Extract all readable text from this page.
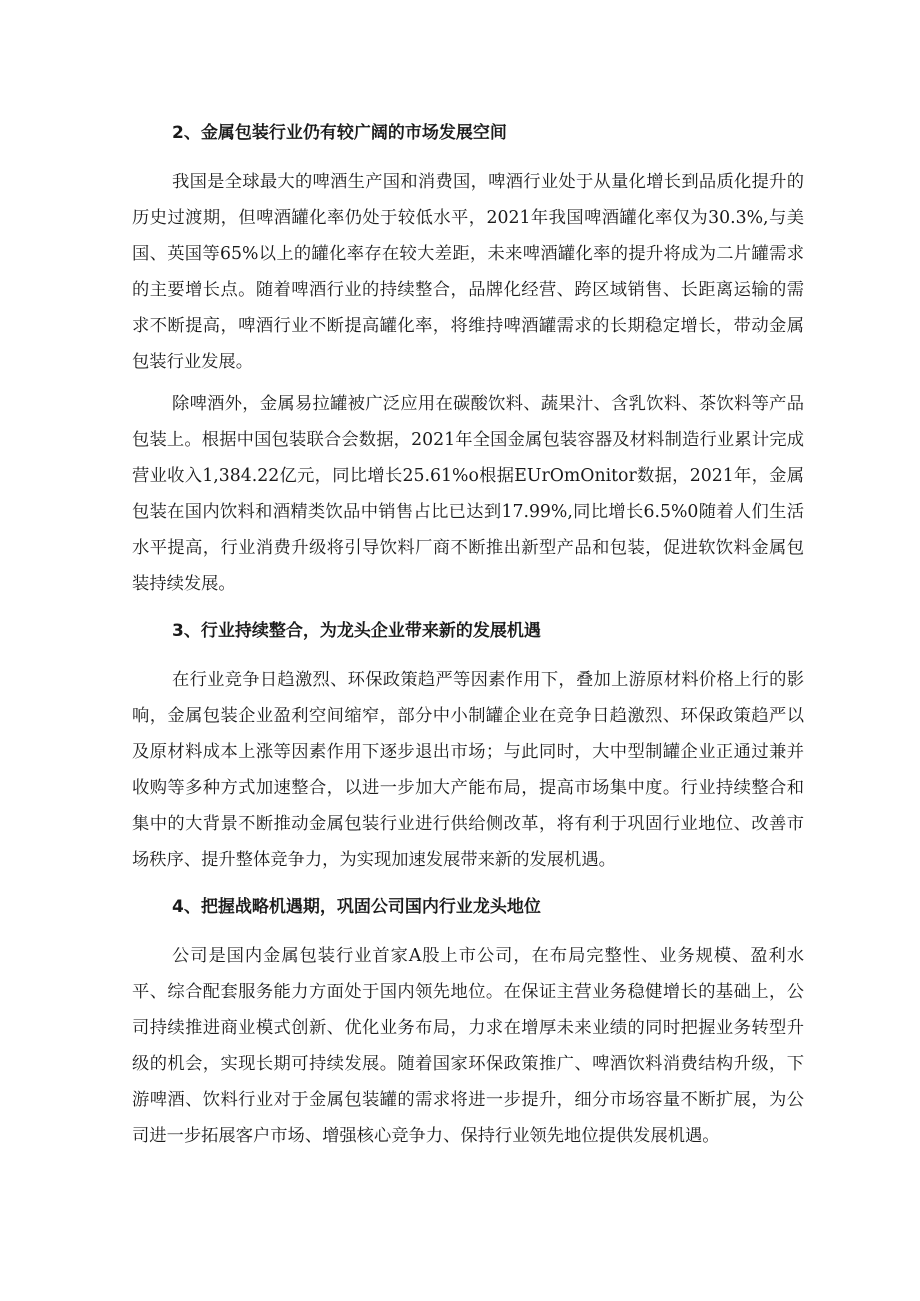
2、金属包装行业仍有较广阔的市场发展空间

我国是全球最大的啤酒生产国和消费国，啤酒行业处于从量化增长到品质化提升的历史过渡期，但啤酒罐化率仍处于较低水平，2021年我国啤酒罐化率仅为30.3%,与美国、英国等65%以上的罐化率存在较大差距，未来啤酒罐化率的提升将成为二片罐需求的主要增长点。随着啤酒行业的持续整合，品牌化经营、跨区域销售、长距离运输的需求不断提高，啤酒行业不断提高罐化率，将维持啤酒罐需求的长期稳定增长，带动金属包装行业发展。

除啤酒外，金属易拉罐被广泛应用在碳酸饮料、蔬果汁、含乳饮料、茶饮料等产品包装上。根据中国包装联合会数据，2021年全国金属包装容器及材料制造行业累计完成营业收入1,384.22亿元，同比增长25.61%o根据EUrOmOnitor数据，2021年，金属包装在国内饮料和酒精类饮品中销售占比已达到17.99%,同比增长6.5%0随着人们生活水平提高，行业消费升级将引导饮料厂商不断推出新型产品和包装，促进软饮料金属包装持续发展。

3、行业持续整合，为龙头企业带来新的发展机遇

在行业竞争日趋激烈、环保政策趋严等因素作用下，叠加上游原材料价格上行的影响，金属包装企业盈利空间缩窄，部分中小制罐企业在竞争日趋激烈、环保政策趋严以及原材料成本上涨等因素作用下逐步退出市场；与此同时，大中型制罐企业正通过兼并收购等多种方式加速整合，以进一步加大产能布局，提高市场集中度。行业持续整合和集中的大背景不断推动金属包装行业进行供给侧改革，将有利于巩固行业地位、改善市场秩序、提升整体竞争力，为实现加速发展带来新的发展机遇。

4、把握战略机遇期，巩固公司国内行业龙头地位

公司是国内金属包装行业首家A股上市公司，在布局完整性、业务规模、盈利水平、综合配套服务能力方面处于国内领先地位。在保证主营业务稳健增长的基础上，公司持续推进商业模式创新、优化业务布局，力求在增厚未来业绩的同时把握业务转型升级的机会，实现长期可持续发展。随着国家环保政策推广、啤酒饮料消费结构升级，下游啤酒、饮料行业对于金属包装罐的需求将进一步提升，细分市场容量不断扩展，为公司进一步拓展客户市场、增强核心竞争力、保持行业领先地位提供发展机遇。
